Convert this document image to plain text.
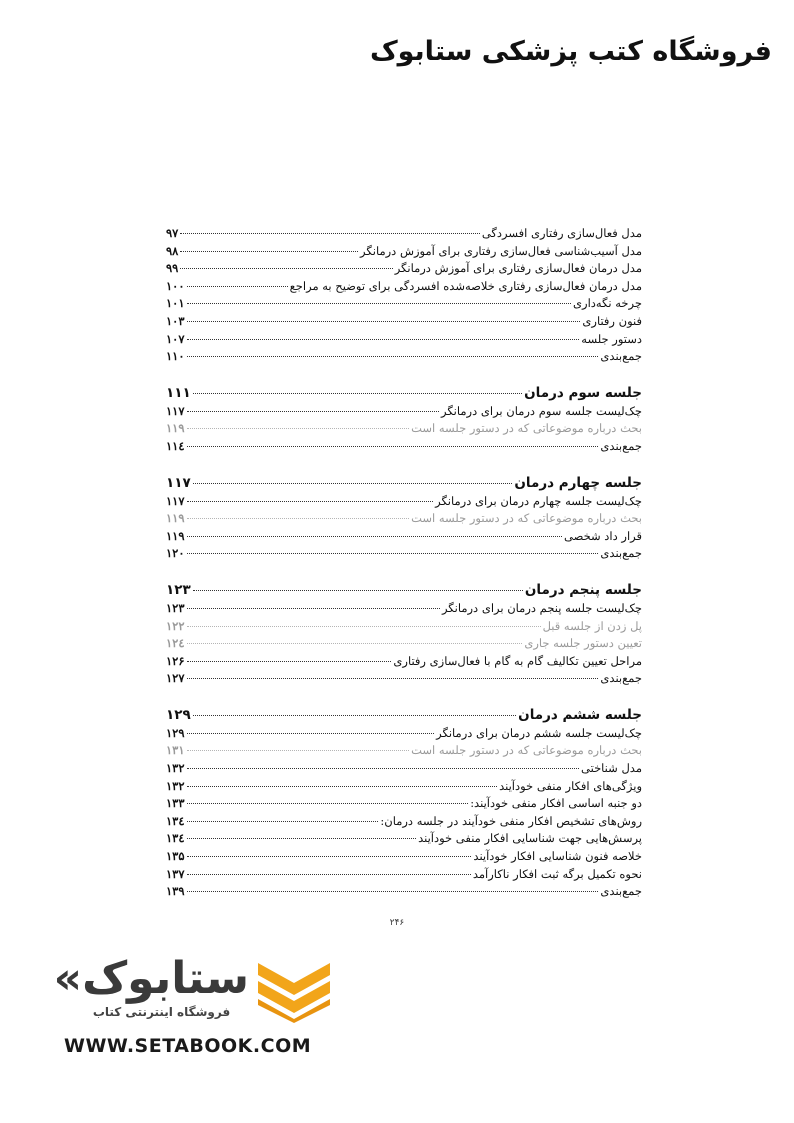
فروشگاه کتب پزشکی ستابوک
مدل فعال‌سازی رفتاری افسردگی
۹۷
مدل آسیب‌شناسی فعال‌سازی رفتاری برای آموزش درمانگر
۹۸
مدل درمان فعال‌سازی رفتاری برای آموزش درمانگر
۹۹
مدل درمان فعال‌سازی رفتاری خلاصه‌شده افسردگی برای توضیح به مراجع
۱۰۰
چرخه نگه‌داری
۱۰۱
فنون رفتاری
۱۰۳
دستور جلسه
۱۰۷
جمع‌بندی
۱۱۰
جلسه سوم درمان
۱۱۱
چک‌لیست جلسه سوم درمان برای درمانگر
۱۱۷
بحث درباره موضوعاتی که در دستور جلسه است
۱۱۹
جمع‌بندی
۱۱٤
جلسه چهارم درمان
۱۱۷
چک‌لیست جلسه چهارم درمان برای درمانگر
۱۱۷
بحث درباره موضوعاتی که در دستور جلسه است
۱۱۹
قرار داد شخصی
۱۱۹
جمع‌بندی
۱۲۰
جلسه پنجم درمان
۱۲۳
چک‌لیست جلسه پنجم درمان برای درمانگر
۱۲۳
پل زدن از جلسه قبل
۱۲۲
تعیین دستور جلسه جاری
۱۲٤
مراحل تعیین تکالیف گام به گام با فعال‌سازی رفتاری
۱۲۶
جمع‌بندی
۱۲۷
جلسه ششم درمان
۱۲۹
چک‌لیست جلسه ششم درمان برای درمانگر
۱۲۹
بحث درباره موضوعاتی که در دستور جلسه است
۱۳۱
مدل شناختی
۱۳۲
ویژگی‌های افکار منفی خودآیند
۱۳۲
دو جنبه اساسی افکار منفی خودآیند:
۱۳۳
روش‌های تشخیص افکار منفی خودآیند در جلسه درمان:
۱۳٤
پرسش‌هایی جهت شناسایی افکار منفی خودآیند
۱۳٤
خلاصه فنون شناسایی افکار خودآیند
۱۳۵
نحوه تکمیل برگه ثبت افکار ناکارآمد
۱۳۷
جمع‌بندی
۱۳۹
۲۴۶
ستابوک»
فروشگاه اینترنتی کتاب
WWW.SETABOOK.COM
